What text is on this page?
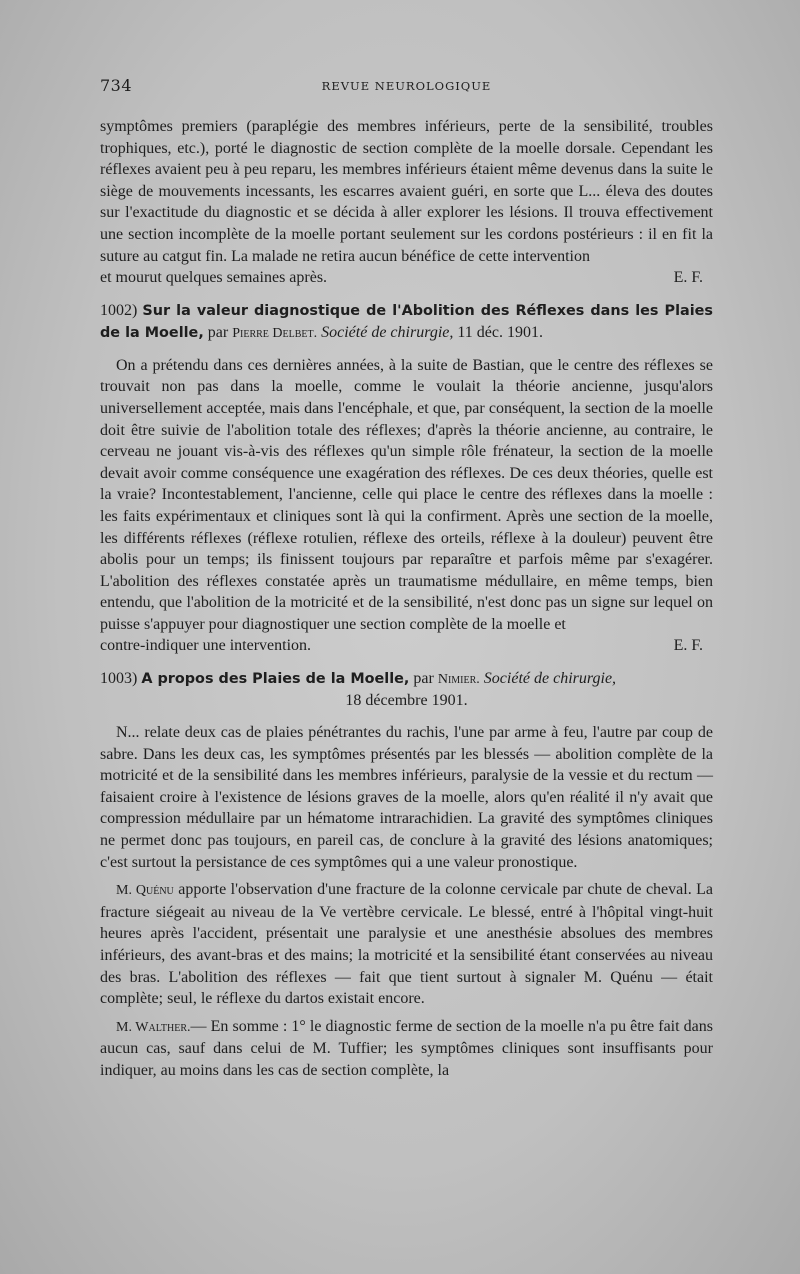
734	REVUE NEUROLOGIQUE

symptômes premiers (paraplégie des membres inférieurs, perte de la sensibilité, troubles trophiques, etc.), porté le diagnostic de section complète de la moelle dorsale. Cependant les réflexes avaient peu à peu reparu, les membres inférieurs étaient même devenus dans la suite le siège de mouvements incessants, les escarres avaient guéri, en sorte que L... éleva des doutes sur l'exactitude du diagnostic et se décida à aller explorer les lésions. Il trouva effectivement une section incomplète de la moelle portant seulement sur les cordons postérieurs : il en fit la suture au catgut fin. La malade ne retira aucun bénéfice de cette intervention

et mourut quelques semaines après.	E. F.

1002) Sur la valeur diagnostique de l'Abolition des Réflexes dans les Plaies de la Moelle, par Pierre Delbet. Société de chirurgie, 11 déc. 1901.

On a prétendu dans ces dernières années, à la suite de Bastian, que le centre des réflexes se trouvait non pas dans la moelle, comme le voulait la théorie ancienne, jusqu'alors universellement acceptée, mais dans l'encéphale, et que, par conséquent, la section de la moelle doit être suivie de l'abolition totale des réflexes; d'après la théorie ancienne, au contraire, le cerveau ne jouant vis-à-vis des réflexes qu'un simple rôle frénateur, la section de la moelle devait avoir comme conséquence une exagération des réflexes. De ces deux théories, quelle est la vraie? Incontestablement, l'ancienne, celle qui place le centre des réflexes dans la moelle : les faits expérimentaux et cliniques sont là qui la confirment. Après une section de la moelle, les différents réflexes (réflexe rotulien, réflexe des orteils, réflexe à la douleur) peuvent être abolis pour un temps; ils finissent toujours par reparaître et parfois même par s'exagérer. L'abolition des réflexes constatée après un traumatisme médullaire, en même temps, bien entendu, que l'abolition de la motricité et de la sensibilité, n'est donc pas un signe sur lequel on puisse s'appuyer pour diagnostiquer une section complète de la moelle et

contre-indiquer une intervention.	E. F.

1003) A propos des Plaies de la Moelle, par Nimier. Société de chirurgie,
18 décembre 1901.

N... relate deux cas de plaies pénétrantes du rachis, l'une par arme à feu, l'autre par coup de sabre. Dans les deux cas, les symptômes présentés par les blessés — abolition complète de la motricité et de la sensibilité dans les membres inférieurs, paralysie de la vessie et du rectum — faisaient croire à l'existence de lésions graves de la moelle, alors qu'en réalité il n'y avait que compression médullaire par un hématome intrarachidien. La gravité des symptômes cliniques ne permet donc pas toujours, en pareil cas, de conclure à la gravité des lésions anatomiques; c'est surtout la persistance de ces symptômes qui a une valeur pronostique.

M. Quénu apporte l'observation d'une fracture de la colonne cervicale par chute de cheval. La fracture siégeait au niveau de la Ve vertèbre cervicale. Le blessé, entré à l'hôpital vingt-huit heures après l'accident, présentait une paralysie et une anesthésie absolues des membres inférieurs, des avant-bras et des mains; la motricité et la sensibilité étant conservées au niveau des bras. L'abolition des réflexes — fait que tient surtout à signaler M. Quénu — était complète; seul, le réflexe du dartos existait encore.

M. Walther.— En somme : 1° le diagnostic ferme de section de la moelle n'a pu être fait dans aucun cas, sauf dans celui de M. Tuffier; les symptômes cliniques sont insuffisants pour indiquer, au moins dans les cas de section complète, la
